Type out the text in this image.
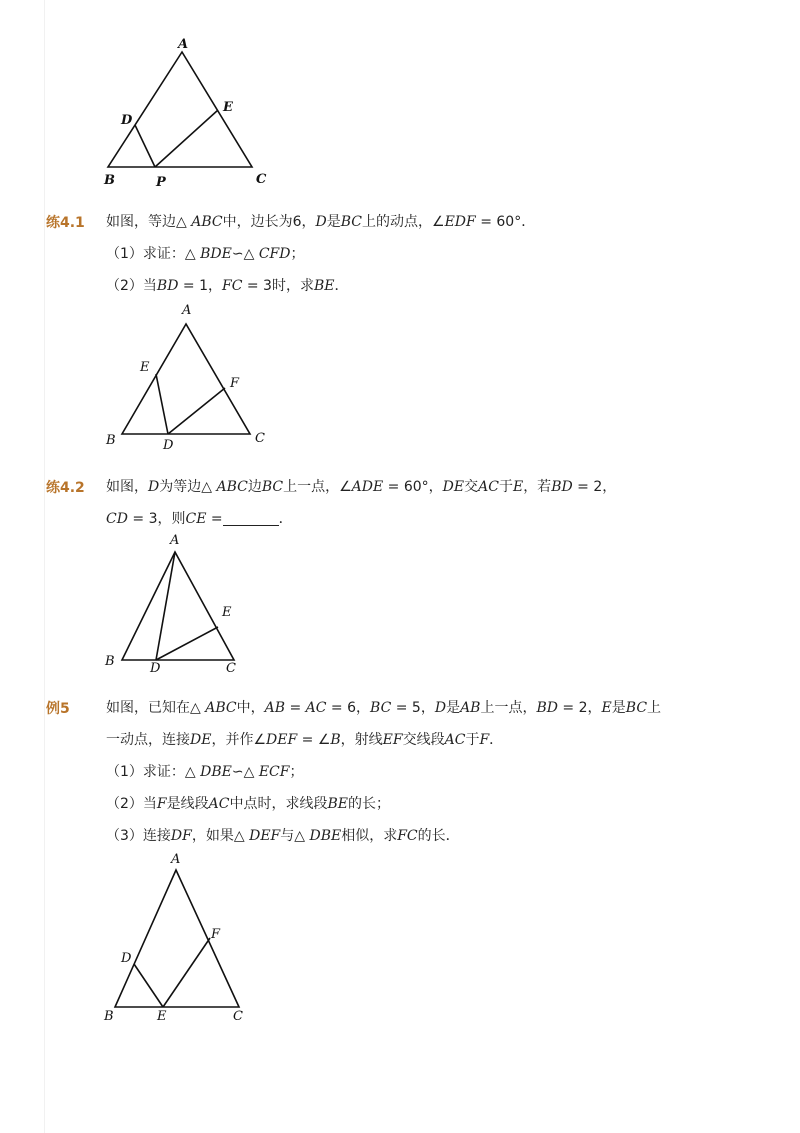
A
B	C
D
E
P
练4.1 如图，等边△ ABC中，边长为6，D是BC上的动点，∠EDF = 60°．
（1）求证：△ BDE∽△ CFD；
（2）当BD = 1，FC = 3时，求BE．
A
B	C
D
E
F
练4.2 如图，D为等边△ ABC边BC上一点，∠ADE = 60°，DE交AC于E，若BD = 2，
CD = 3，则CE =	．
A
B	C
D
E
例5	如图，已知在△ ABC中，AB = AC = 6，BC = 5，D是AB上一点，BD = 2，E是BC上
一动点，连接DE，并作∠DEF = ∠B，射线EF交线段AC于F．
（1）求证：△ DBE∽△ ECF；
（2）当F是线段AC中点时，求线段BE的长；
（3）连接DF，如果△ DEF与△ DBE相似，求FC的长．
A
B	C
D
E
F
